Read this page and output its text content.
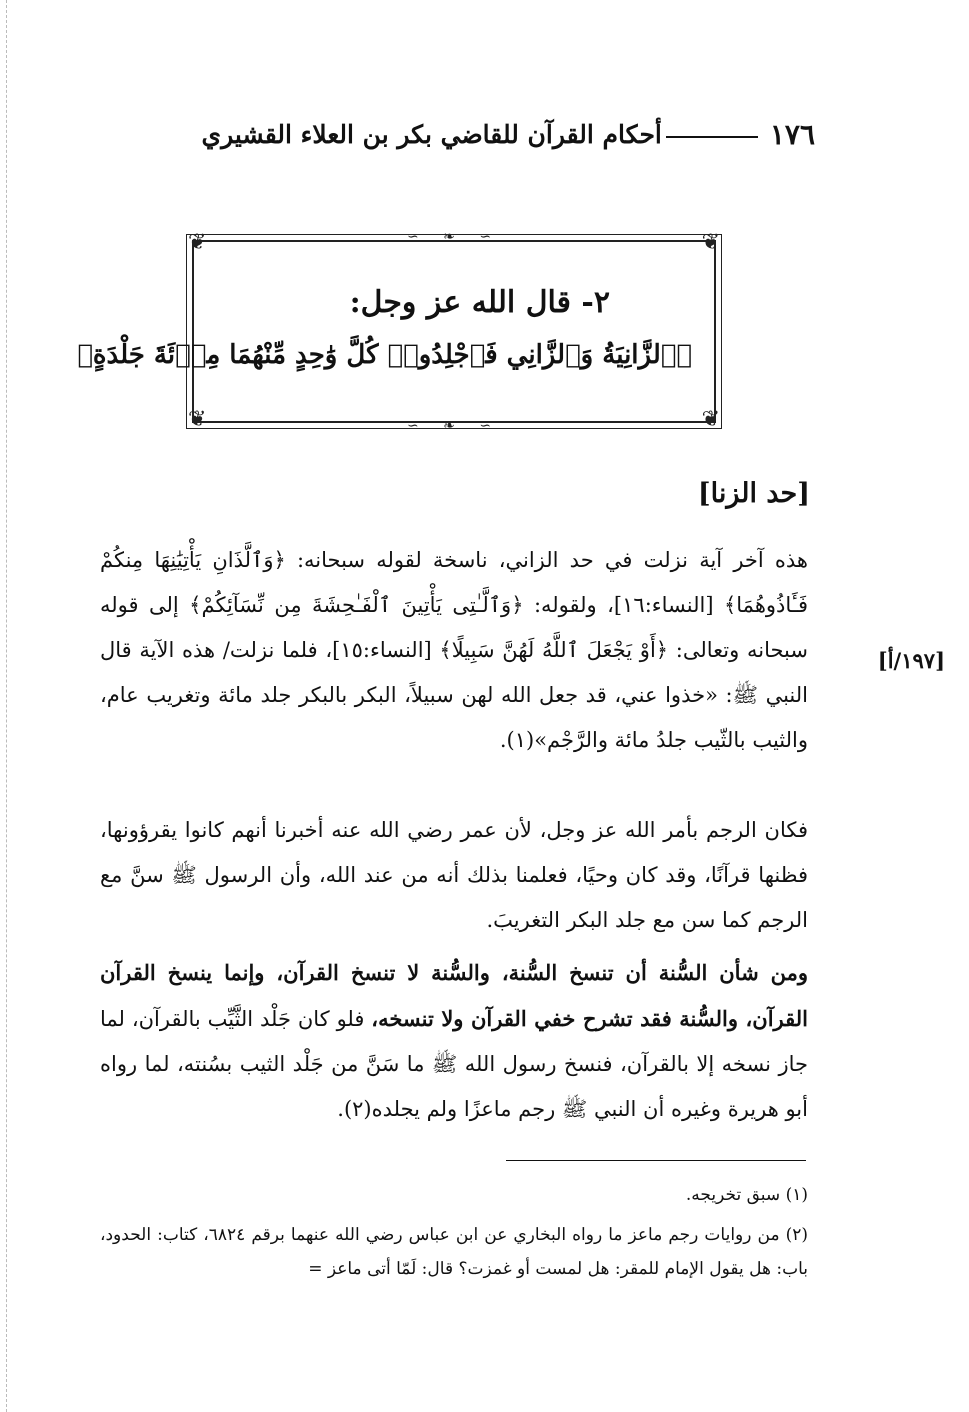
١٧٦
أحكام القرآن للقاضي بكر بن العلاء القشيري
❦	❦
❦	❦
∽ ❧ ∽
∽ ❧ ∽
٢- قال الله عز وجل:
﴿ٱلزَّانِيَةُ وَٱلزَّانِي فَٱجْلِدُوا۟ كُلَّ وَٰحِدٍ مِّنْهُمَا مِا۟ئَةَ جَلْدَةٍ﴾
[حد الزنا]
[١٩٧/أ]
هذه آخر آية نزلت في حد الزاني، ناسخة لقوله سبحانه: ﴿وَٱلَّذَانِ يَأْتِيَٰنِهَا مِنكُمْ فَـَٔاذُوهُمَا﴾ [النساء:١٦]، ولقوله: ﴿وَٱلَّـٰتِى يَأْتِينَ ٱلْفَـٰحِشَةَ مِن نِّسَآئِكُمْ﴾ إلى قوله سبحانه وتعالى: ﴿أَوْ يَجْعَلَ ٱللَّهُ لَهُنَّ سَبِيلًا﴾ [النساء:١٥]، فلما نزلت/ هذه الآية قال النبي ﷺ: «خذوا عني، قد جعل الله لهن سبيلاً، البكر بالبكر جلد مائة وتغريب عام، والثيب بالثّيب جلدُ مائة والرَّجْم»(١).
فكان الرجم بأمر الله عز وجل، لأن عمر رضي الله عنه أخبرنا أنهم كانوا يقرؤونها، فظنها قرآنًا، وقد كان وحيًا، فعلمنا بذلك أنه من عند الله، وأن الرسول ﷺ سنَّ مع الرجم كما سن مع جلد البكر التغريبَ.
ومن شأن السُّنة أن تنسخ السُّنة، والسُّنة لا تنسخ القرآن، وإنما ينسخ القرآن القرآن، والسُّنة فقد تشرح خفي القرآن ولا تنسخه، فلو كان جَلْد الثَّيِّب بالقرآن، لما جاز نسخه إلا بالقرآن، فنسخ رسول الله ﷺ ما سَنَّ من جَلْد الثيب بسُنته، لما رواه أبو هريرة وغيره أن النبي ﷺ رجم ماعزًا ولم يجلده(٢).

(١) سبق تخريجه.

(٢) من روايات رجم ماعز ما رواه البخاري عن ابن عباس رضي الله عنهما برقم ٦٨٢٤، كتاب: الحدود، باب: هل يقول الإمام للمقر: هل لمست أو غمزت؟ قال: لَمّا أتى ماعز =
